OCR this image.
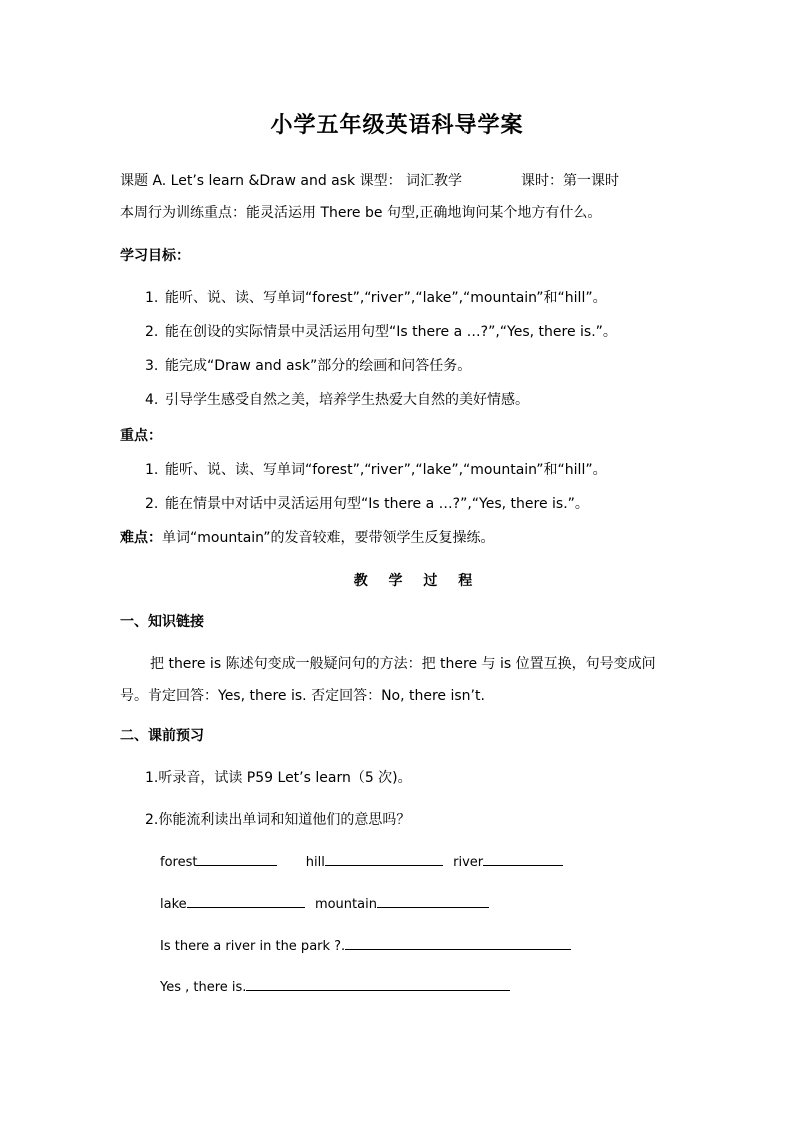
小学五年级英语科导学案
课题 A. Let’s learn &Draw and ask 课型： 词汇教学	课时：第一课时
本周行为训练重点：能灵活运用 There be 句型,正确地询问某个地方有什么。
学习目标：
1. 能听、说、读、写单词“forest”,“river”,“lake”,“mountain”和“hill”。
2. 能在创设的实际情景中灵活运用句型“Is there a …?”,“Yes, there is.”。
3. 能完成“Draw and ask”部分的绘画和问答任务。
4. 引导学生感受自然之美，培养学生热爱大自然的美好情感。
重点：
1. 能听、说、读、写单词“forest”,“river”,“lake”,“mountain”和“hill”。
2. 能在情景中对话中灵活运用句型“Is there a …?”,“Yes, there is.”。
难点：单词“mountain”的发音较难，要带领学生反复操练。
教 学 过 程
一、知识链接
把 there is 陈述句变成一般疑问句的方法：把 there 与 is 位置互换，句号变成问号。肯定回答：Yes, there is. 否定回答：No, there isn’t.
二、课前预习
1.听录音，试读 P59 Let’s learn（5 次)。
2.你能流利读出单词和知道他们的意思吗？
forest	hill	river
lake	mountain
Is there a river in the park ?.
Yes , there is.
